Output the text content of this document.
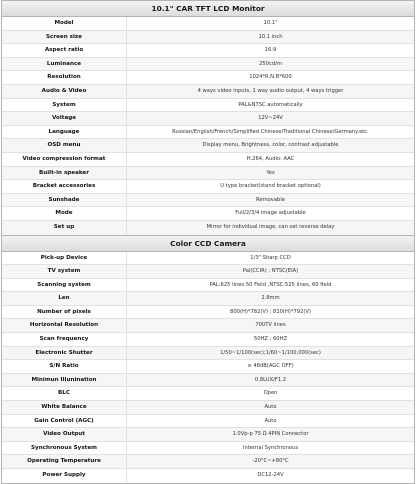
10.1" CAR TFT LCD Monitor
Model	10.1"
Screen size	10.1 inch
Aspect ratio	16:9
Luminance	250cd/m
Resolution	1024*R.N.B*600
Audio & Video	4 ways video inputs, 1 way audio output, 4 ways trigger
System	PAL&NTSC automatically
Voltage	12V~24V
Language	Russian/English/French/Simplified Chinese/Traditional Chinese/Germany.etc.
OSD menu	Display menu, Brightness, color, contrast adjustable
Video compression format	H.264, Audio: AAC
Built-in speaker	Yes
Bracket accessories	U type bracket(stand bracket optional)
Sunshade	Removable
Mode	Full/2/3/4 image adjustable
Set up	Mirror for individual image, can set reverse delay
Color CCD Camera
Pick-up Device	1/3" Sharp CCD
TV system	Pal(CCIR) ; NTSC(EIA)
Scanning system	PAL:625 lines 50 Field ,NTSC:525 lines, 60 field
Len	2.8mm
Number of pixels	800(H)*782(V) ; 810(H)*792(V)
Horizontal Resolution	700TV lines
Scan frequency	50HZ ; 60HZ
Electronic Shutter	1/50~1/100(sec);1/60~1/100,000(sec)
S/N Ratio	≥ 48dB(AGC OFF)
Minimun Illunination	0.8LUX/F1.2
BLC	Open
White Balance	Auto
Gain Control (AGC)	Auto
Video Output	1.0Vp-p 75 Ω 4PIN Connector
Synchronous System	Internal Synchronous
Operating Temperature	-20°C~+80°C
Power Supply	DC12-24V
